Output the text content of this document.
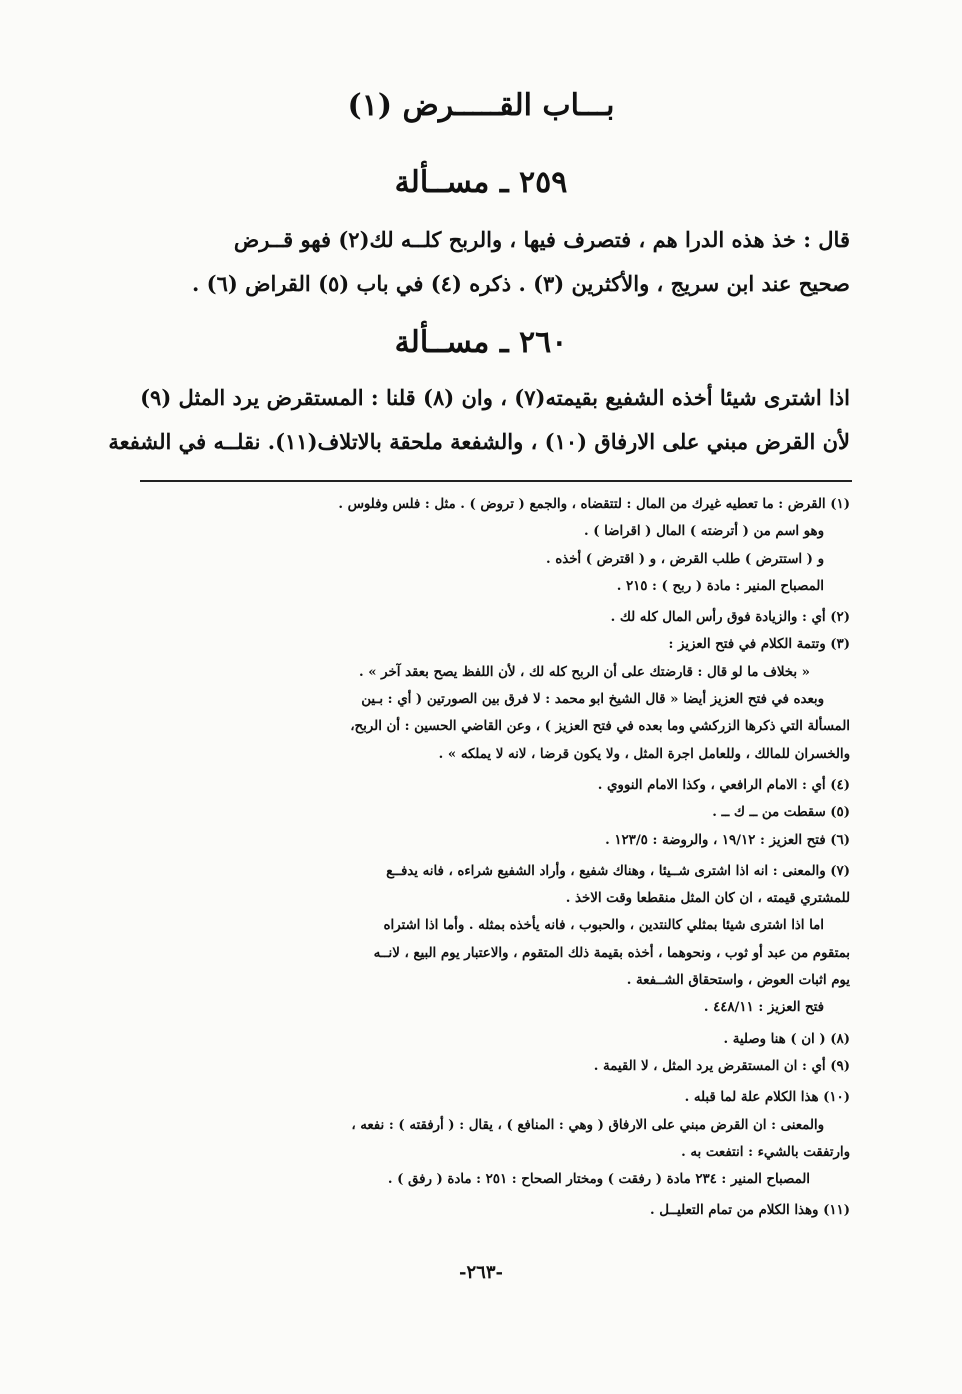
بـــاب القـــــرض (١)
٢٥٩ ـ مســألة
قال : خذ هذه الدرا هم ، فتصرف فيها ، والربح كلــه لك(٢) فهو قــرض
صحيح عند ابن سريج ، والأكثرين (٣) . ذكره (٤) في باب (٥) القراض (٦) .
٢٦٠ ـ مســألة
اذا اشترى شيئا أخذه الشفيع بقيمته(٧) ، وان (٨) قلنا : المستقرض يرد المثل (٩)
لأن القرض مبني على الارفاق (١٠) ، والشفعة ملحقة بالاتلاف(١١). نقلــه في الشفعة
(١) القرض : ما تعطيه غيرك من المال : لتتقضاه ، والجمع ( تروض ) . مثل : فلس وفلوس .
وهو اسم من ( أترضته ) المال ( اقراضا ) .
و ( استترض ) طلب القرض ، و ( اقترض ) أخذه .
المصباح المنير : مادة ( ربح ) : ٢١٥ .
(٢) أي : والزيادة فوق رأس المال كله لك .
(٣) وتتمة الكلام في فتح العزيز :
« بخلاف ما لو قال : قارضتك على أن الربح كله لك ، لأن اللفظ يصح بعقد آخر » .
وبعده في فتح العزيز أيضا « قال الشيخ ابو محمد : لا فرق بين الصورتين ( أي : بـين
المسألة التي ذكرها الزركشي وما بعده في فتح العزيز ) ، وعن القاضي الحسين : أن الربح،
والخسران للمالك ، وللعامل اجرة المثل ، ولا يكون قرضا ، لانه لا يملكه » .
(٤) أي : الامام الرافعي ، وكذا الامام النووي .
(٥) سقطت من ــ ك ــ .
(٦) فتح العزيز : ١٩/١٢ ، والروضة : ١٢٣/٥ .
(٧) والمعنى : انه اذا اشترى شــيئا ، وهناك شفيع ، وأراد الشفيع شراءه ، فانه يدفــع
للمشتري قيمته ، ان كان المثل منقطعا وقت الاخذ .
اما اذا اشترى شيئا بمثلي كالنتدين ، والحبوب ، فانه يأخذه بمثله . وأما اذا اشتراه
بمتقوم من عبد أو ثوب ، ونحوهما ، أخذه بقيمة ذلك المتقوم ، والاعتبار يوم البيع ، لانــه
يوم اثبات العوض ، واستحقاق الشــفعة .
فتح العزيز : ٤٤٨/١١ .
(٨) ( ان ) هنا وصلية .
(٩) أي : ان المستقرض يرد المثل ، لا القيمة .
(١٠) هذا الكلام علة لما قبله .
والمعنى : ان القرض مبني على الارفاق ( وهي : المنافع ) ، يقال : ( أرفقته ) : نفعه ،
وارتفقت بالشيء : انتفعت به .
المصباح المنير : ٢٣٤ مادة ( رفقت ) ومختار الصحاح : ٢٥١ : مادة ( رفق ) .
(١١) وهذا الكلام من تمام التعليــل .
-٢٦٣-
